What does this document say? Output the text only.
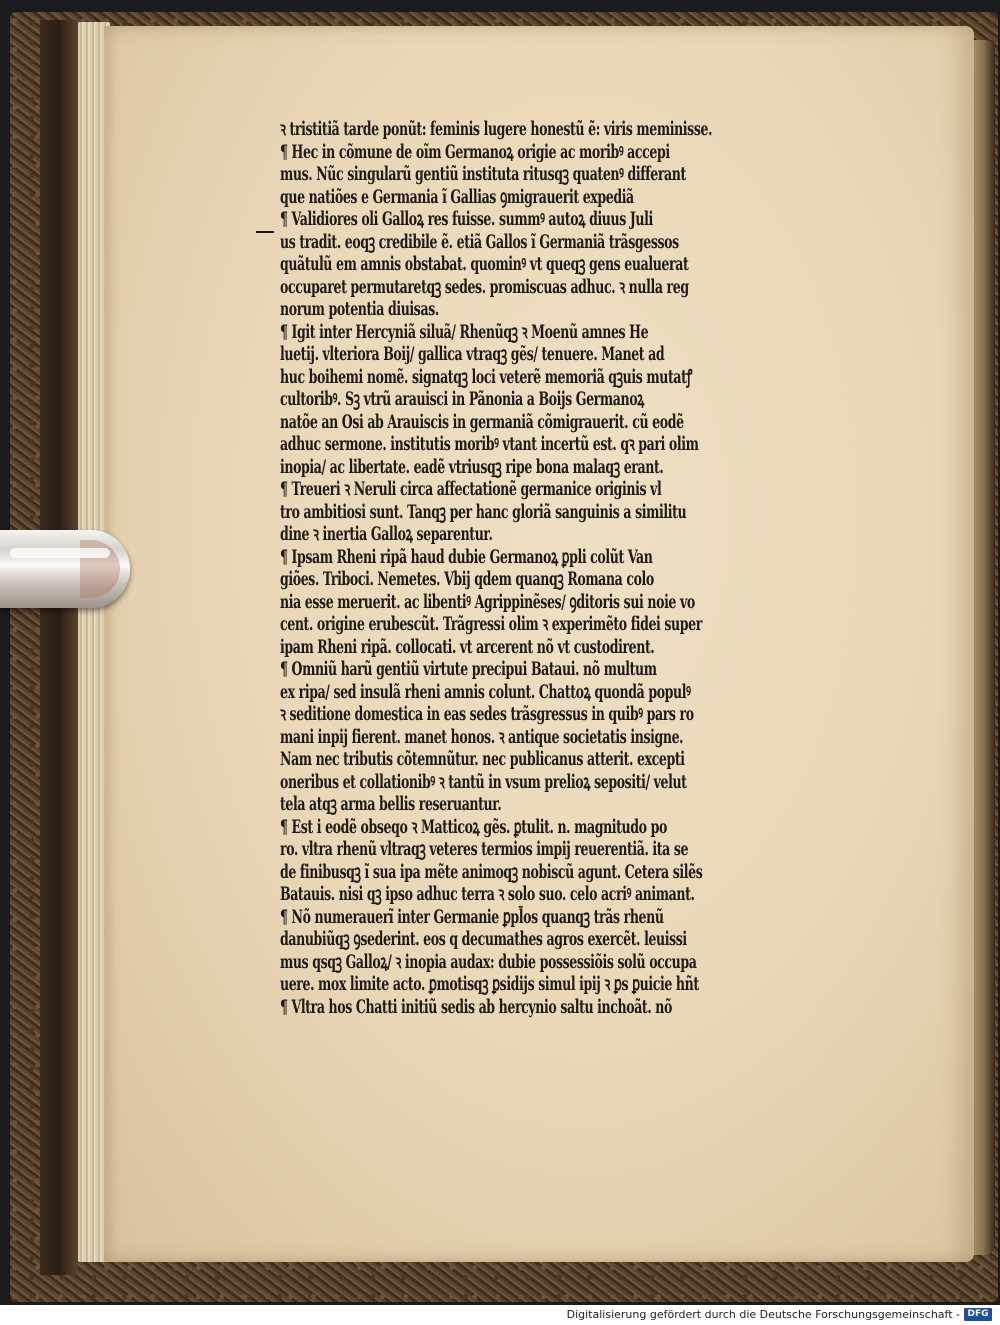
ꝛ tristitiã tarde ponũt: feminis lugere honestũ ẽ: viris meminisse.
¶ Hec in cõmune de oĩm Germanoꝝ origie ac moribꝰ accepi
mus. Nũc singularũ gentiũ instituta ritusqꝫ quatenꝰ differant
que natiões e Germania ĩ Gallias ꝯmigrauerit expediã
¶ Validiores oli Galloꝝ res fuisse. summꝰ autoꝝ diuus Juli
us tradit. eoqꝫ credibile ẽ. etiã Gallos ĩ Germaniã trãsgessos
quãtulũ em amnis obstabat. quominꝰ vt queqꝫ gens eualuerat
occuparet permutaretqꝫ sedes. promiscuas adhuc. ꝛ nulla reg
norum potentia diuisas.
¶ Igit inter Hercyniã siluã/ Rhenũqꝫ ꝛ Moenũ amnes He
luetij. vlteriora Boij/ gallica vtraqꝫ gẽs/ tenuere. Manet ad
huc boihemi nomẽ. signatqꝫ loci veterẽ memoriã qꝫuis mutatꝭ
cultoribꝰ. Sꝫ vtrũ arauisci in Pãnonia a Boijs Germanoꝝ
natõe an Osi ab Arauiscis in germaniã cõmigrauerit. cũ eodẽ
adhuc sermone. institutis moribꝰ vtant incertũ est. qꝛ pari olim
inopia/ ac libertate. eadẽ vtriusqꝫ ripe bona malaqꝫ erant.
¶ Treueri ꝛ Neruli circa affectationẽ germanice originis vl
tro ambitiosi sunt. Tanqꝫ per hanc gloriã sanguinis a similitu
dine ꝛ inertia Galloꝝ separentur.
¶ Ipsam Rheni ripã haud dubie Germanoꝝ ꝑpli colũt Van
giões. Triboci. Nemetes. Vbij qdem quanqꝫ Romana colo
nia esse meruerit. ac libentiꝰ Agrippinẽses/ ꝯditoris sui noie vo
cent. origine erubescũt. Trãgressi olim ꝛ experimẽto fidei super
ipam Rheni ripã. collocati. vt arcerent nõ vt custodirent.
¶ Omniũ harũ gentiũ virtute precipui Bataui. nõ multum
ex ripa/ sed insulã rheni amnis colunt. Chattoꝝ quondã populꝰ
ꝛ seditione domestica in eas sedes trãsgressus in quibꝰ pars ro
mani inpij fierent. manet honos. ꝛ antique societatis insigne.
Nam nec tributis cõtemnũtur. nec publicanus atterit. excepti
oneribus et collationibꝰ ꝛ tantũ in vsum prelioꝝ sepositi/ velut
tela atqꝫ arma bellis reseruantur.
¶ Est i eodẽ obseqo ꝛ Matticoꝝ gẽs. ꝑtulit. n. magnitudo po
ro. vltra rhenũ vltraqꝫ veteres termios impij reuerentiã. ita se
de finibusqꝫ ĩ sua ipa mẽte animoqꝫ nobiscũ agunt. Cetera silẽs
Batauis. nisi qꝫ ipso adhuc terra ꝛ solo suo. celo acriꝰ animant.
¶ Nõ numerauerĩ inter Germanie ꝑpl̃os quanqꝫ trãs rhenũ
danubiũqꝫ ꝯsederint. eos q decumathes agros exercẽt. leuissi
mus qsqꝫ Galloꝝ/ ꝛ inopia audax: dubie possessiõis solũ occupa
uere. mox limite acto. ꝑmotisqꝫ ꝑsidijs simul ipij ꝛ ꝑs ꝑuicie hñt
¶ Vltra hos Chatti initiũ sedis ab hercynio saltu inchoãt. nõ
Digitalisierung gefördert durch die Deutsche Forschungsgemeinschaft - DFG
